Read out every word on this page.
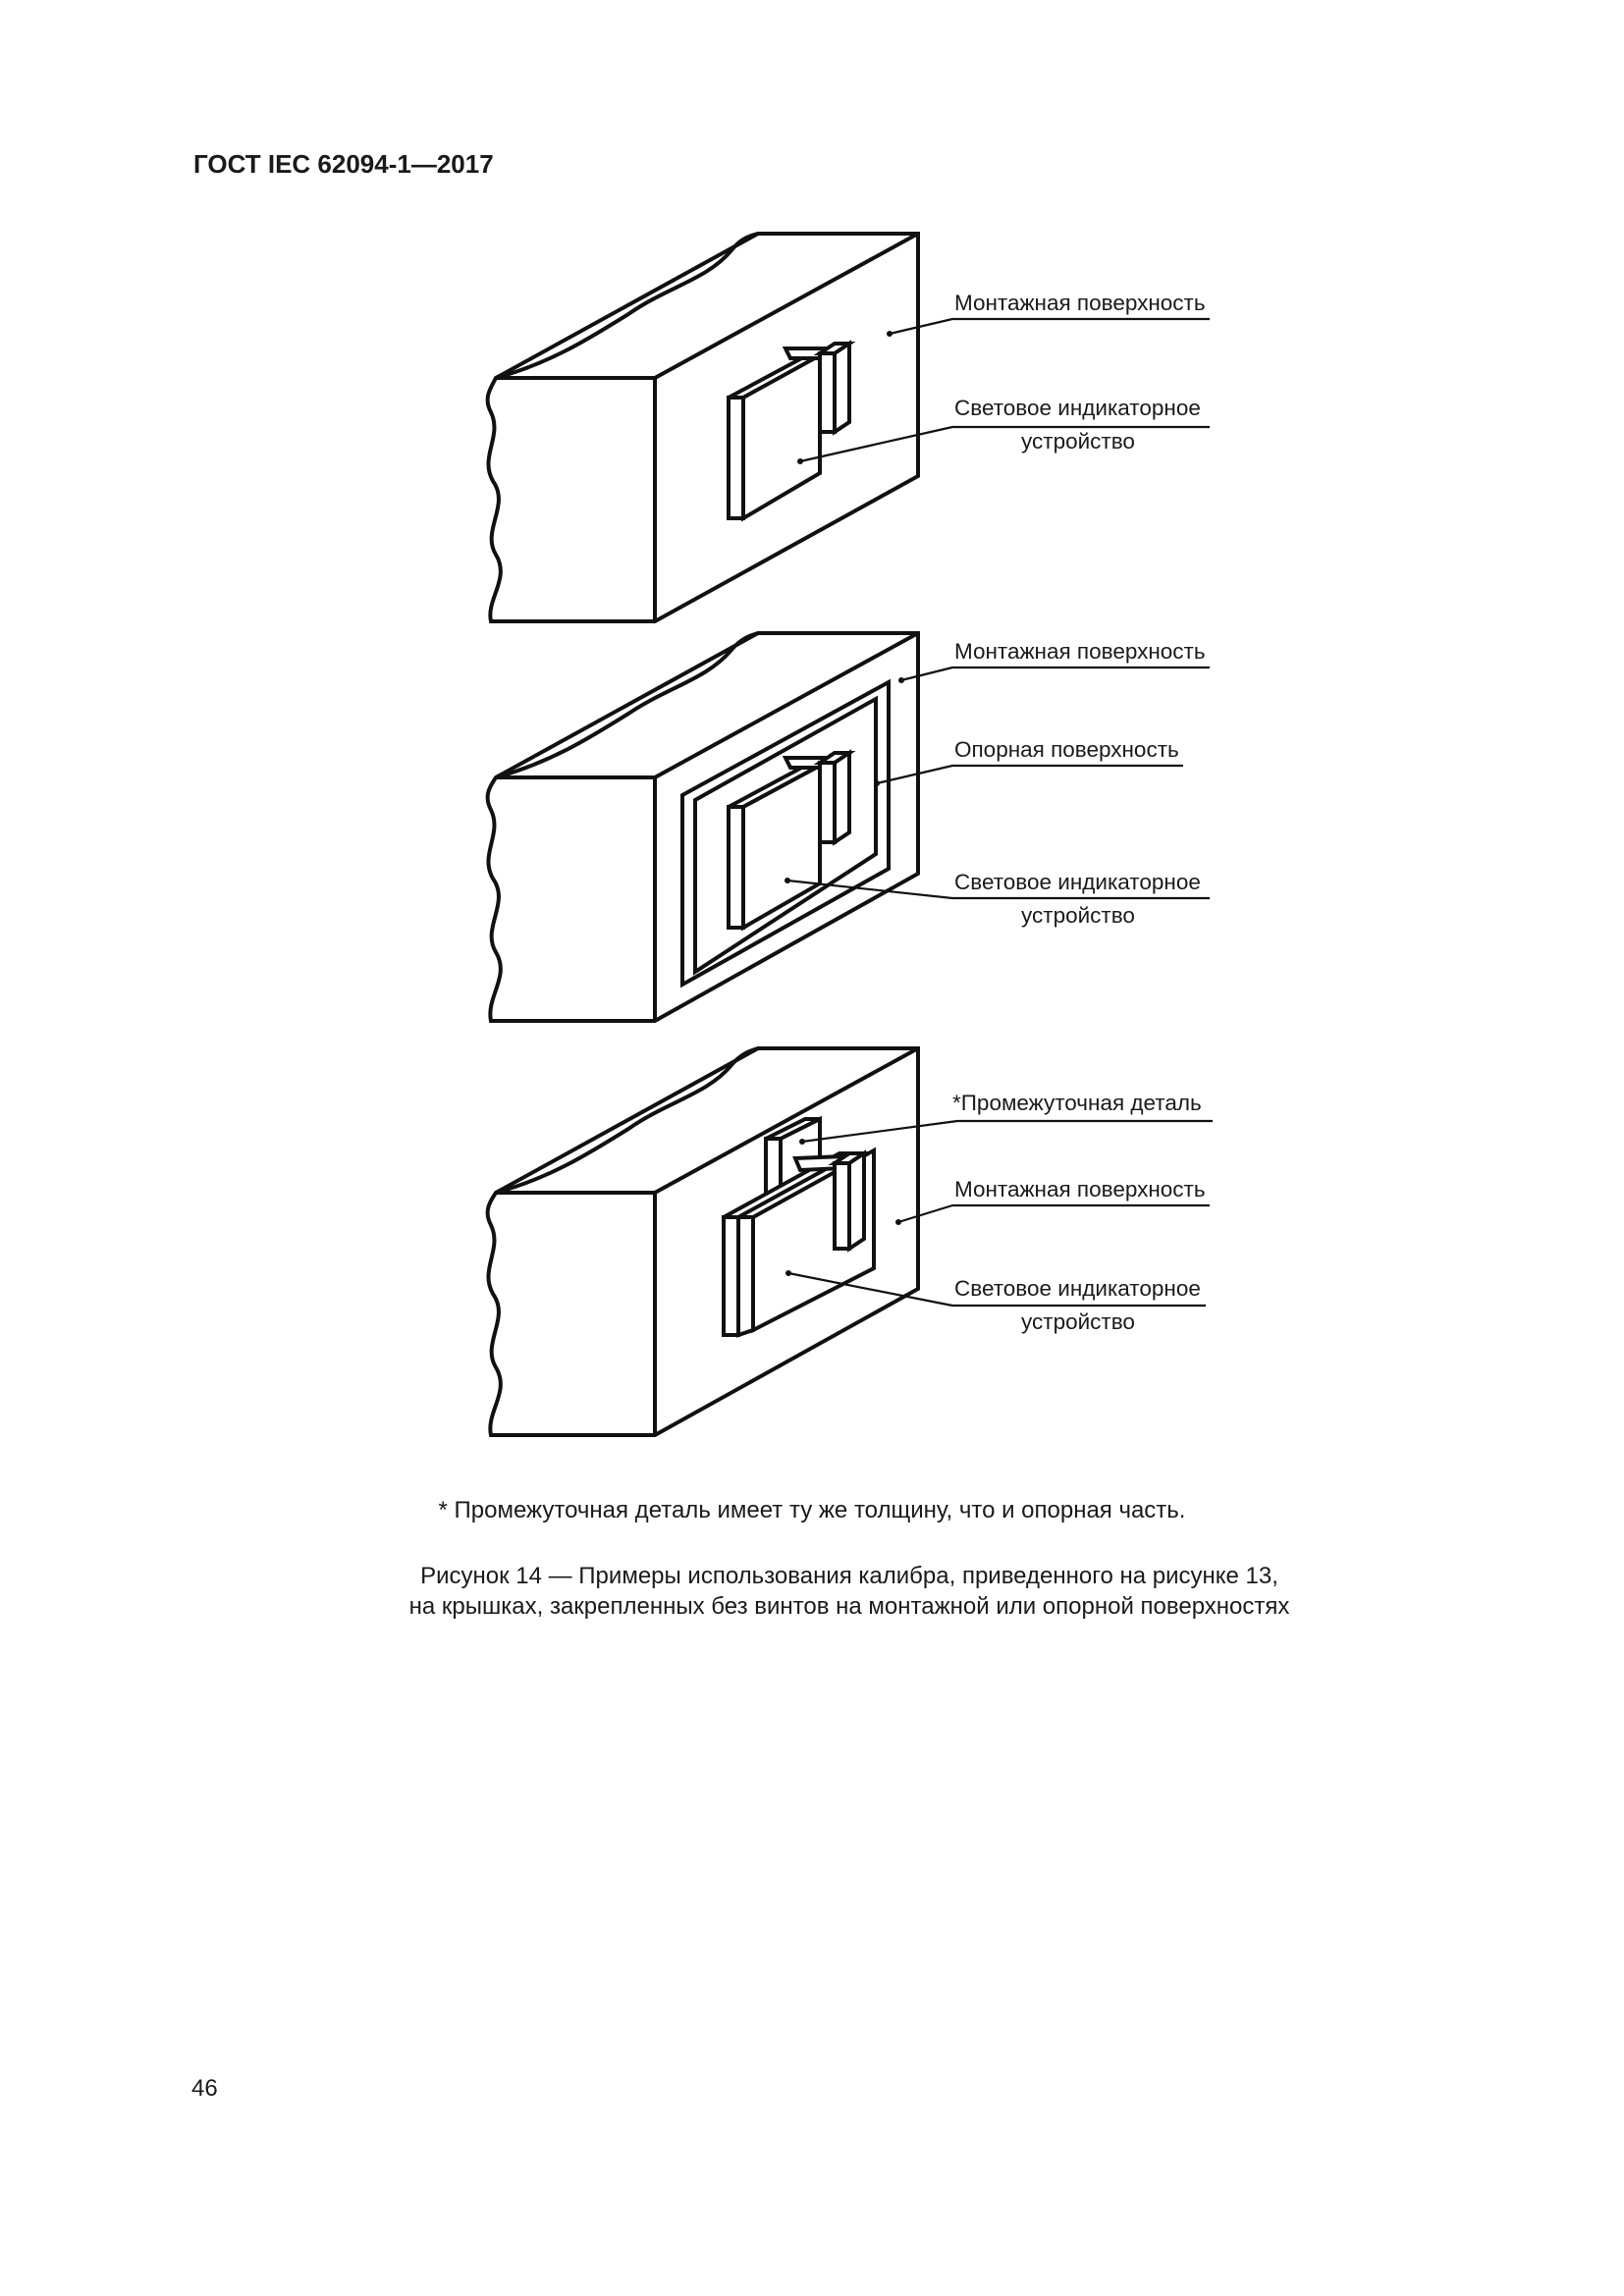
ГОСТ IEC 62094-1—2017
Монтажная поверхность
Световое индикаторное
устройство
Монтажная поверхность
Опорная поверхность
Световое индикаторное
устройство
*Промежуточная деталь
Монтажная поверхность
Световое индикаторное
устройство
* Промежуточная деталь имеет ту же толщину, что и опорная часть.
Рисунок 14 — Примеры использования калибра, приведенного на рисунке 13,
на крышках, закрепленных без винтов на монтажной или опорной поверхностях
46
